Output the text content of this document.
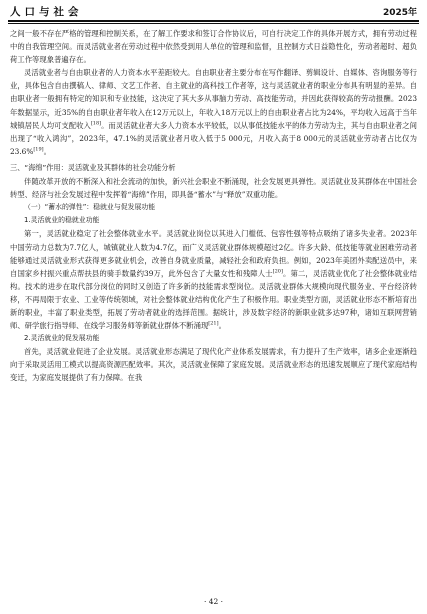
人口与社会	2025年

之间一般不存在严格的管理和控制关系，在了解工作要求和签订合作协议后，可自行决定工作的具体开展方式，拥有劳动过程中的自我管理空间。而灵活就业者在劳动过程中依然受到用人单位的管理和监督，且控制方式日益隐性化，劳动者超时、超负荷工作等现象普遍存在。

灵活就业者与自由职业者的人力资本水平差距较大。自由职业者主要分布在写作翻译、剪辑设计、自媒体、咨询服务等行业，具体包含自由撰稿人、律师、文艺工作者、自主就业的高科技工作者等，这与灵活就业者的职业分布具有明显的差异。自由职业者一般拥有特定的知识和专业技能，这决定了其大多从事脑力劳动、高技能劳动，并因此获得较高的劳动报酬。2023年数据显示，近35%的自由职业者年收入在12万元以上，年收入18万元以上的自由职业者占比为24%，平均收入远高于当年城镇居民人均可支配收入[18]。而灵活就业者大多人力资本水平较低，以从事低技能水平的体力劳动为主，其与自由职业者之间出现了“收入鸿沟”，2023年，47.1%的灵活就业者月收入低于5 000元，月收入高于8 000元的灵活就业劳动者占比仅为23.6%[19]。

三、“海绵”作用：灵活就业及其群体的社会功能分析

伴随改革开放的不断深入和社会流动的加快，新兴社会职业不断涌现，社会发展更具弹性。灵活就业及其群体在中国社会转型、经济与社会发展过程中发挥着“海绵”作用，即具备“蓄水”与“释放”双重功能。

（一）“蓄水的弹性”：稳就业与促发展功能
1.灵活就业的稳就业功能

第一，灵活就业稳定了社会整体就业水平。灵活就业岗位以其进入门槛低、包容性强等特点吸纳了诸多失业者。2023年中国劳动力总数为7.7亿人，城镇就业人数为4.7亿，而广义灵活就业群体规模超过2亿。许多大龄、低技能等就业困难劳动者能够通过灵活就业形式获得更多就业机会，改善自身就业质量，减轻社会和政府负担。例如，2023年美团外卖配送员中，来自国家乡村振兴重点帮扶县的骑手数量约39万，此外包含了大量女性和残障人士[20]。第二，灵活就业优化了社会整体就业结构。技术的进步在取代部分岗位的同时又创造了许多新的技能需求型岗位。灵活就业群体大规模向现代服务业、平台经济转移，不再局限于农业、工业等传统领域，对社会整体就业结构优化产生了积极作用。职业类型方面，灵活就业形态不断培育出新的职业，丰富了职业类型，拓展了劳动者就业的选择范围。据统计，涉及数字经济的新职业就多达97种，诸如互联网营销师、研学旅行指导师、在线学习服务师等新就业群体不断涌现[21]。

2.灵活就业的促发展功能

首先，灵活就业促进了企业发展。灵活就业形态满足了现代化产业体系发展需求，有力提升了生产效率，诸多企业逐渐趋向于采取灵活用工模式以提高资源匹配效率。其次，灵活就业保障了家庭发展。灵活就业形态的迅速发展顺应了现代家庭结构变迁，为家庭发展提供了有力保障。在我

· 42 ·
